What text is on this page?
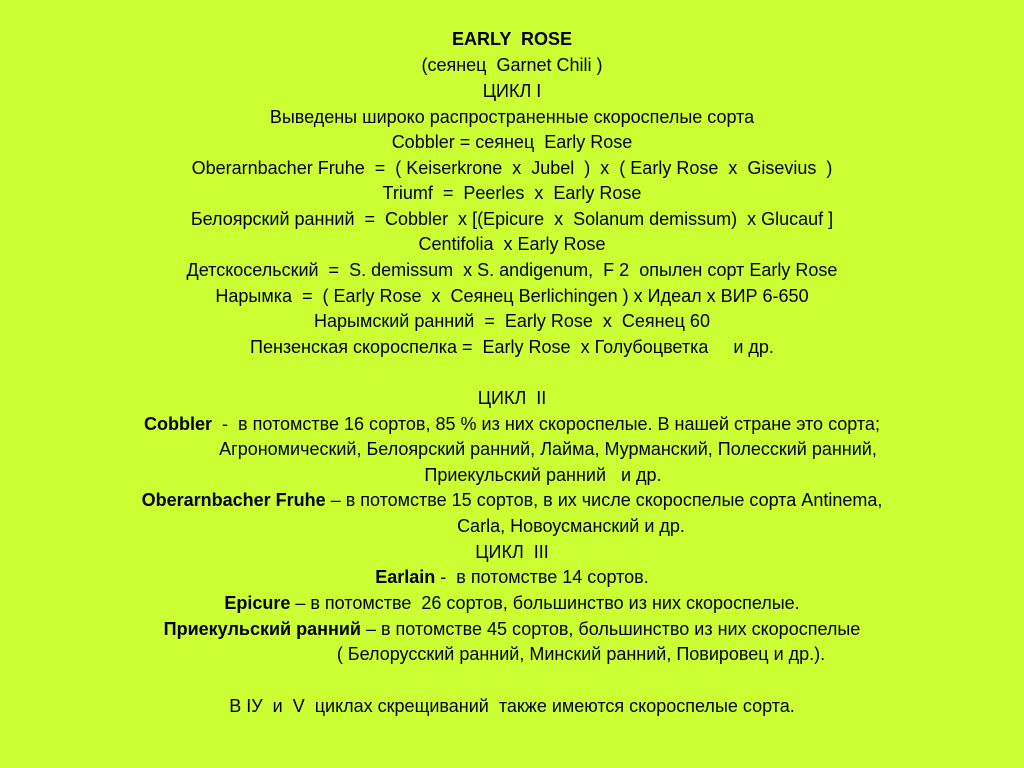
EARLY  ROSE
(сеянец  Garnet Chili )
ЦИКЛ I
Выведены широко распространенные скороспелые сорта
Cobbler = сеянец  Early Rose
Oberarnbacher Fruhe  =  ( Keiserkrone  x  Jubel  )  x  ( Early Rose  x  Gisevius  )
Triumf  =  Peerles  x  Early Rose
Белоярский ранний  =  Cobbler  x [(Epicure  x  Solanum demissum)  x Glucauf ]
Centifolia  x Early Rose
Детскосельский  =  S. demissum  x S. andigenum,  F 2  опылен сорт Early Rose
Нарымка  =  ( Early Rose  x  Сеянец Berlichingen ) x Идеал x ВИР 6-650
Нарымский ранний  =  Early Rose  x  Сеянец 60
Пензенская скороспелка =  Early Rose  x Голубоцветка     и др.
ЦИКЛ  II
Cobbler  -  в потомстве 16 сортов, 85 % из них скороспелые. В нашей стране это сорта;
Агрономический, Белоярский ранний, Лайма, Мурманский, Полесский ранний,
Приекульский ранний   и др.
Oberarnbacher Fruhe – в потомстве 15 сортов, в их числе скороспелые сорта Antinema,
Carla, Новоусманский и др.
ЦИКЛ  III
Earlain -  в потомстве 14 сортов.
Epicure – в потомстве  26 сортов, большинство из них скороспелые.
Приекульский ранний – в потомстве 45 сортов, большинство из них скороспелые
( Белорусский ранний, Минский ранний, Повировец и др.).
В ІУ  и  V  циклах скрещиваний  также имеются скороспелые сорта.
